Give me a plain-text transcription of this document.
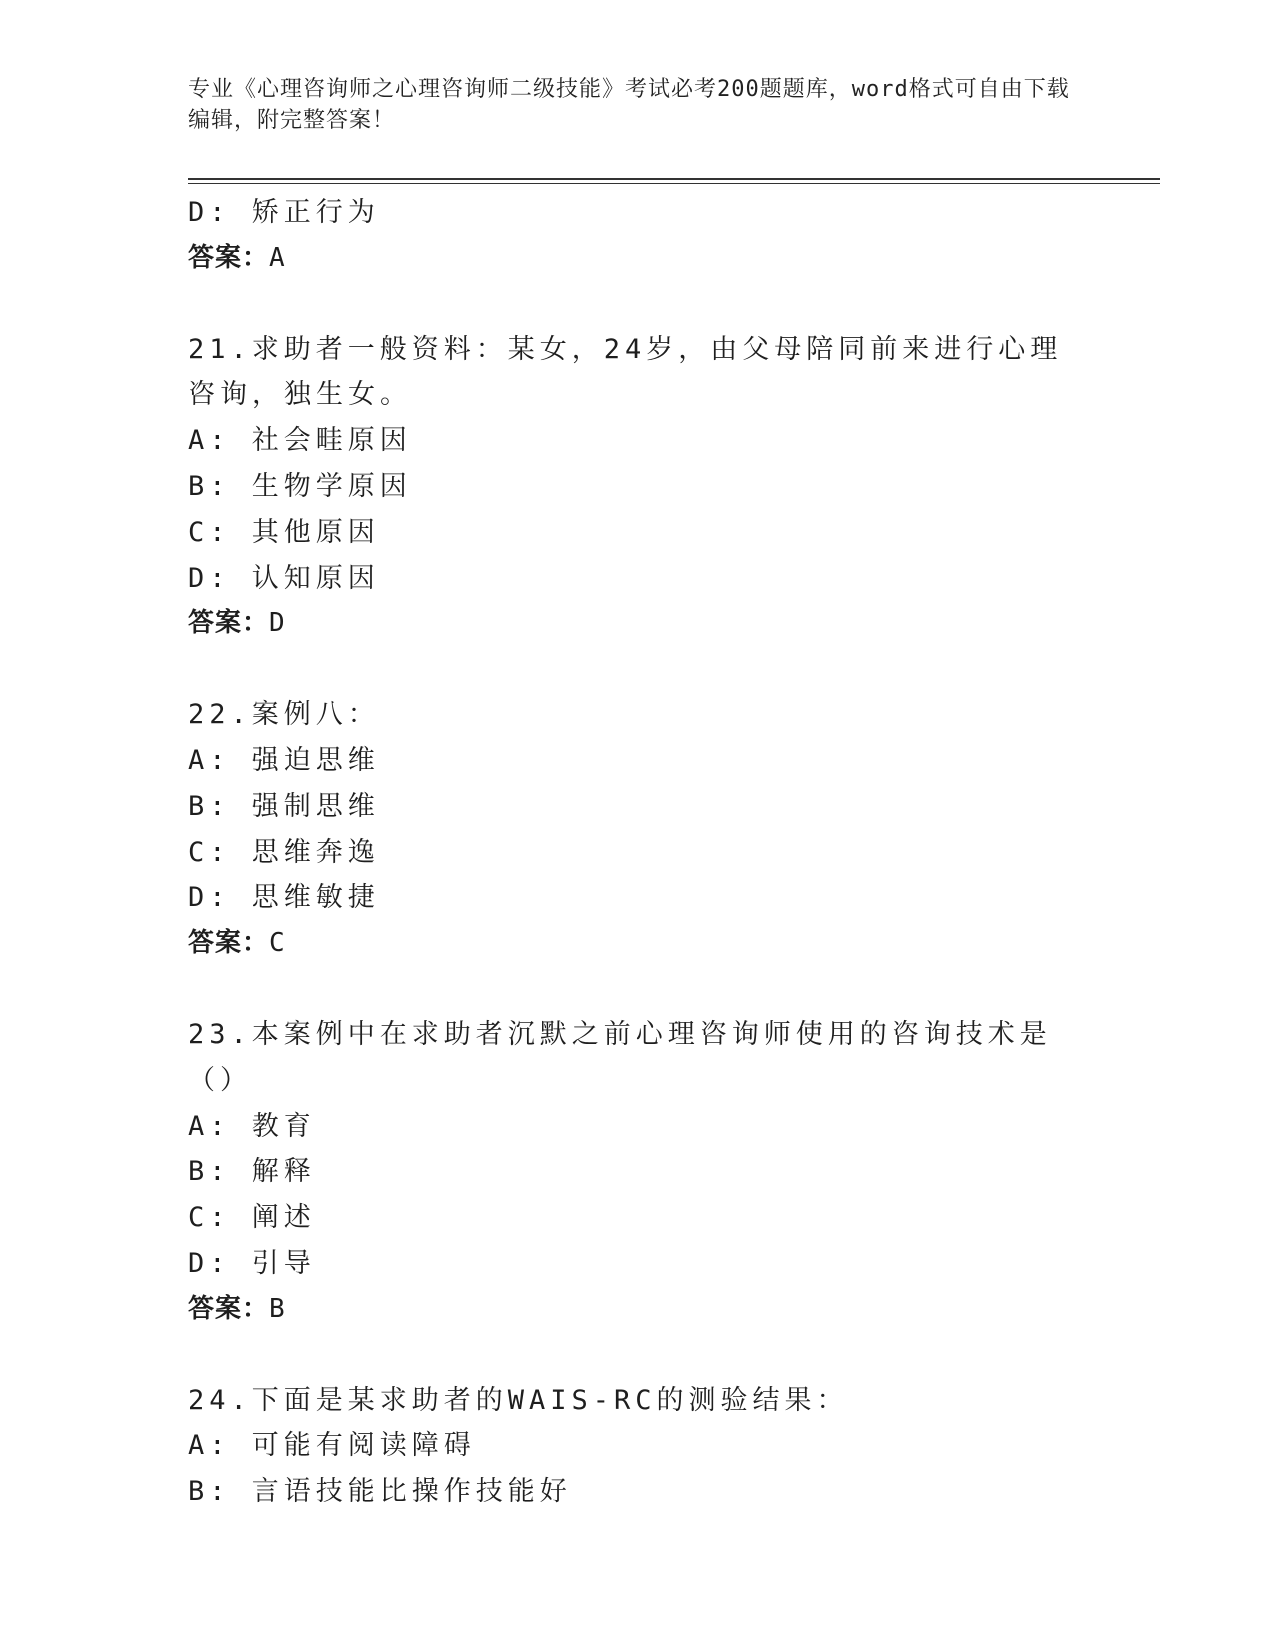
专业《心理咨询师之心理咨询师二级技能》考试必考200题题库，word格式可自由下载编辑，附完整答案！
D: 矫正行为
答案：A
21.求助者一般资料：某女，24岁，由父母陪同前来进行心理咨询，独生女。
A: 社会畦原因
B: 生物学原因
C: 其他原因
D: 认知原因
答案：D
22.案例八：
A: 强迫思维
B: 强制思维
C: 思维奔逸
D: 思维敏捷
答案：C
23.本案例中在求助者沉默之前心理咨询师使用的咨询技术是（）
A: 教育
B: 解释
C: 阐述
D: 引导
答案：B
24.下面是某求助者的WAIS-RC的测验结果：
A: 可能有阅读障碍
B: 言语技能比操作技能好
